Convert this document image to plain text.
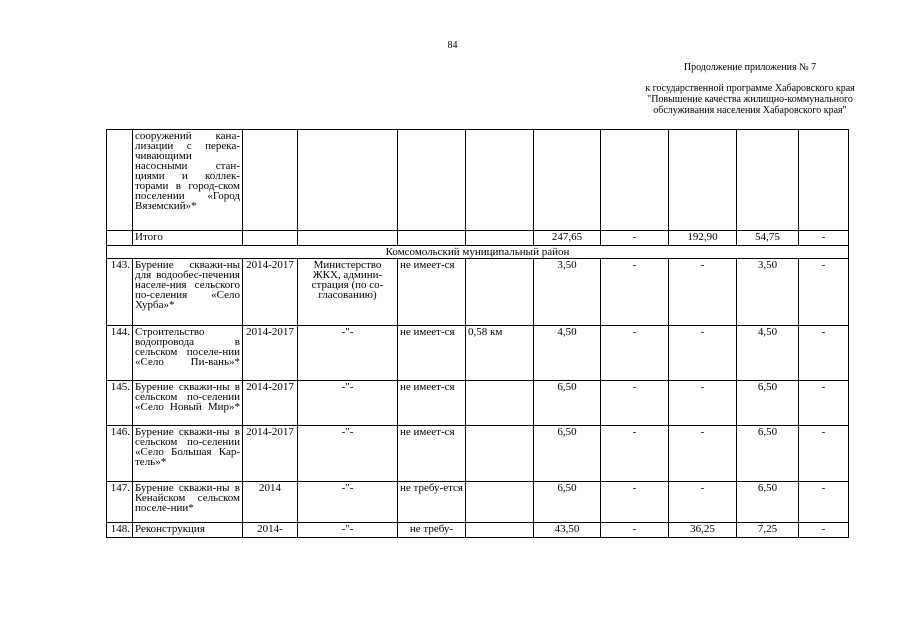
84
Продолжение приложения № 7
к государственной программе Хабаровского края
"Повышение качества жилищно-коммунального
обслуживания населения Хабаровского края"
	сооружений кана-лизации с перека-чивающими насосными стан-циями и коллек-торами в город-ском поселении «Город Вяземский»*									
	Итого					247,65	-	192,90	54,75	-
Комсомольский муниципальный район										
143.	Бурение скважи-ны для водообес-печения населе-ния сельского по-селения «Село Хурба»*	2014-2017	Министерство ЖКХ, админи-страция (по со-гласованию)	не имеет-ся		3,50	-	-	3,50	-
144.	Строительство водопровода в сельском поселе-нии «Село Пи-вань»*	2014-2017	-"-	не имеет-ся	0,58 км	4,50	-	-	4,50	-
145.	Бурение скважи-ны в сельском по-селении «Село Новый Мир»*	2014-2017	-"-	не имеет-ся		6,50	-	-	6,50	-
146.	Бурение скважи-ны в сельском по-селении «Село Большая Кар-тель»*	2014-2017	-"-	не имеет-ся		6,50	-	-	6,50	-
147.	Бурение скважи-ны в Кенайском сельском поселе-нии*	2014	-"-	не требу-ется		6,50	-	-	6,50	-
148.	Реконструкция	2014-	-"-	не требу-		43,50	-	36,25	7,25	-
